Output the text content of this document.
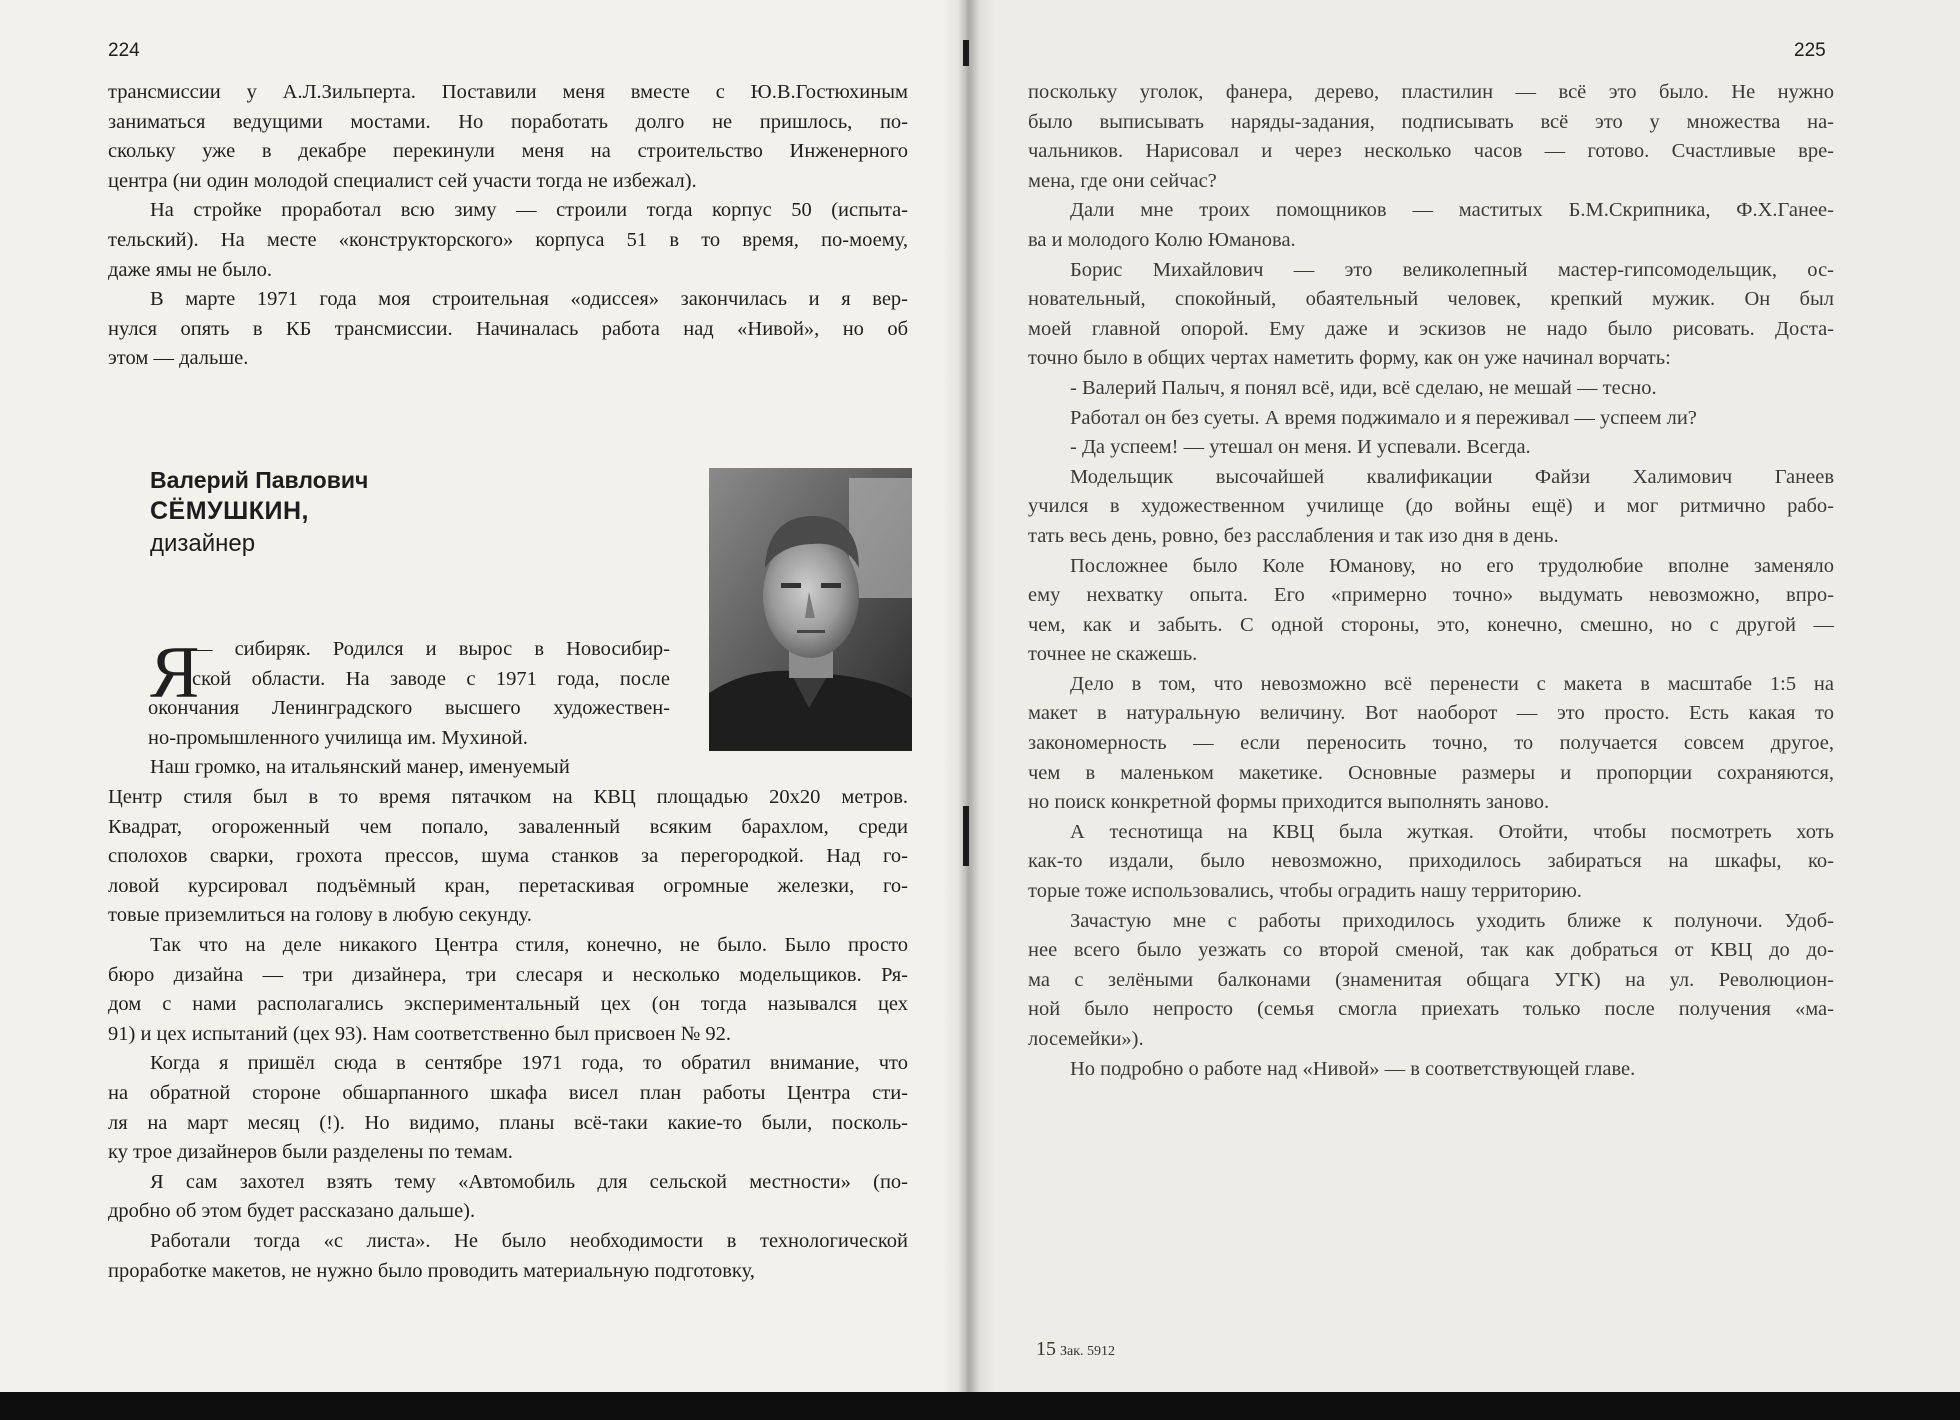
224

трансмиссии у А.Л.Зильперта. Поставили меня вместе с Ю.В.Гостюхиным
заниматься ведущими мостами. Но поработать долго не пришлось, по-
скольку уже в декабре перекинули меня на строительство Инженерного
центра (ни один молодой специалист сей участи тогда не избежал).

На стройке проработал всю зиму — строили тогда корпус 50 (испыта-
тельский). На месте «конструкторского» корпуса 51 в то время, по-моему,
даже ямы не было.

В марте 1971 года моя строительная «одиссея» закончилась и я вер-
нулся опять в КБ трансмиссии. Начиналась работа над «Нивой», но об
этом — дальше.

Валерий Павлович
СЁМУШКИН,
дизайнер
Я
— сибиряк. Родился и вырос в Новосибир-
ской области. На заводе с 1971 года, после
окончания Ленинградского высшего художествен-
но-промышленного училища им. Мухиной.
Наш громко, на итальянский манер, именуемый

Центр стиля был в то время пятачком на КВЦ площадью 20х20 метров.
Квадрат, огороженный чем попало, заваленный всяким барахлом, среди
сполохов сварки, грохота прессов, шума станков за перегородкой. Над го-
ловой курсировал подъёмный кран, перетаскивая огромные железки, го-
товые приземлиться на голову в любую секунду.

Так что на деле никакого Центра стиля, конечно, не было. Было просто
бюро дизайна — три дизайнера, три слесаря и несколько модельщиков. Ря-
дом с нами располагались экспериментальный цех (он тогда назывался цех
91) и цех испытаний (цех 93). Нам соответственно был присвоен № 92.

Когда я пришёл сюда в сентябре 1971 года, то обратил внимание, что
на обратной стороне обшарпанного шкафа висел план работы Центра сти-
ля на март месяц (!). Но видимо, планы всё-таки какие-то были, посколь-
ку трое дизайнеров были разделены по темам.

Я сам захотел взять тему «Автомобиль для сельской местности» (по-
дробно об этом будет рассказано дальше).

Работали тогда «с листа». Не было необходимости в технологической
проработке макетов, не нужно было проводить материальную подготовку,

225
15 Зак. 5912

поскольку уголок, фанера, дерево, пластилин — всё это было. Не нужно
было выписывать наряды-задания, подписывать всё это у множества на-
чальников. Нарисовал и через несколько часов — готово. Счастливые вре-
мена, где они сейчас?

Дали мне троих помощников — маститых Б.М.Скрипника, Ф.Х.Ганее-
ва и молодого Колю Юманова.

Борис Михайлович — это великолепный мастер-гипсомодельщик, ос-
новательный, спокойный, обаятельный человек, крепкий мужик. Он был
моей главной опорой. Ему даже и эскизов не надо было рисовать. Доста-
точно было в общих чертах наметить форму, как он уже начинал ворчать:

- Валерий Палыч, я понял всё, иди, всё сделаю, не мешай — тесно.

Работал он без суеты. А время поджимало и я переживал — успеем ли?

- Да успеем! — утешал он меня. И успевали. Всегда.

Модельщик высочайшей квалификации Файзи Халимович Ганеев
учился в художественном училище (до войны ещё) и мог ритмично рабо-
тать весь день, ровно, без расслабления и так изо дня в день.

Посложнее было Коле Юманову, но его трудолюбие вполне заменяло
ему нехватку опыта. Его «примерно точно» выдумать невозможно, впро-
чем, как и забыть. С одной стороны, это, конечно, смешно, но с другой —
точнее не скажешь.

Дело в том, что невозможно всё перенести с макета в масштабе 1:5 на
макет в натуральную величину. Вот наоборот — это просто. Есть какая то
закономерность — если переносить точно, то получается совсем другое,
чем в маленьком макетике. Основные размеры и пропорции сохраняются,
но поиск конкретной формы приходится выполнять заново.

А теснотища на КВЦ была жуткая. Отойти, чтобы посмотреть хоть
как-то издали, было невозможно, приходилось забираться на шкафы, ко-
торые тоже использовались, чтобы оградить нашу территорию.

Зачастую мне с работы приходилось уходить ближе к полуночи. Удоб-
нее всего было уезжать со второй сменой, так как добраться от КВЦ до до-
ма с зелёными балконами (знаменитая общага УГК) на ул. Революцион-
ной было непросто (семья смогла приехать только после получения «ма-
лосемейки»).

Но подробно о работе над «Нивой» — в соответствующей главе.
